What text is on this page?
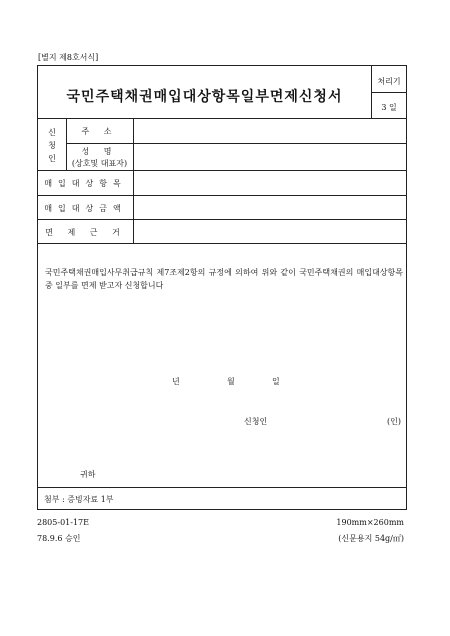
[별지 제8호서식]
국민주택채권매입대상항목일부면제신청서
처리기
3 일
신
청
인
주 소
성 명
(상호및 대표자)
매입대상항목
매입대상금액
면 제 근 거
국민주택채권매입사무취급규칙 제7조제2항의 규정에 의하여 위와 같이 국민주택채권의 매입대상항목중 일부를 면제 받고자 신청합니다
년	월	일
신청인	(인)
귀하
첨부 : 증빙자료 1부
2805-01-17E
78.9.6 승인
190mm×260mm
(신문용지 54g/㎡)
